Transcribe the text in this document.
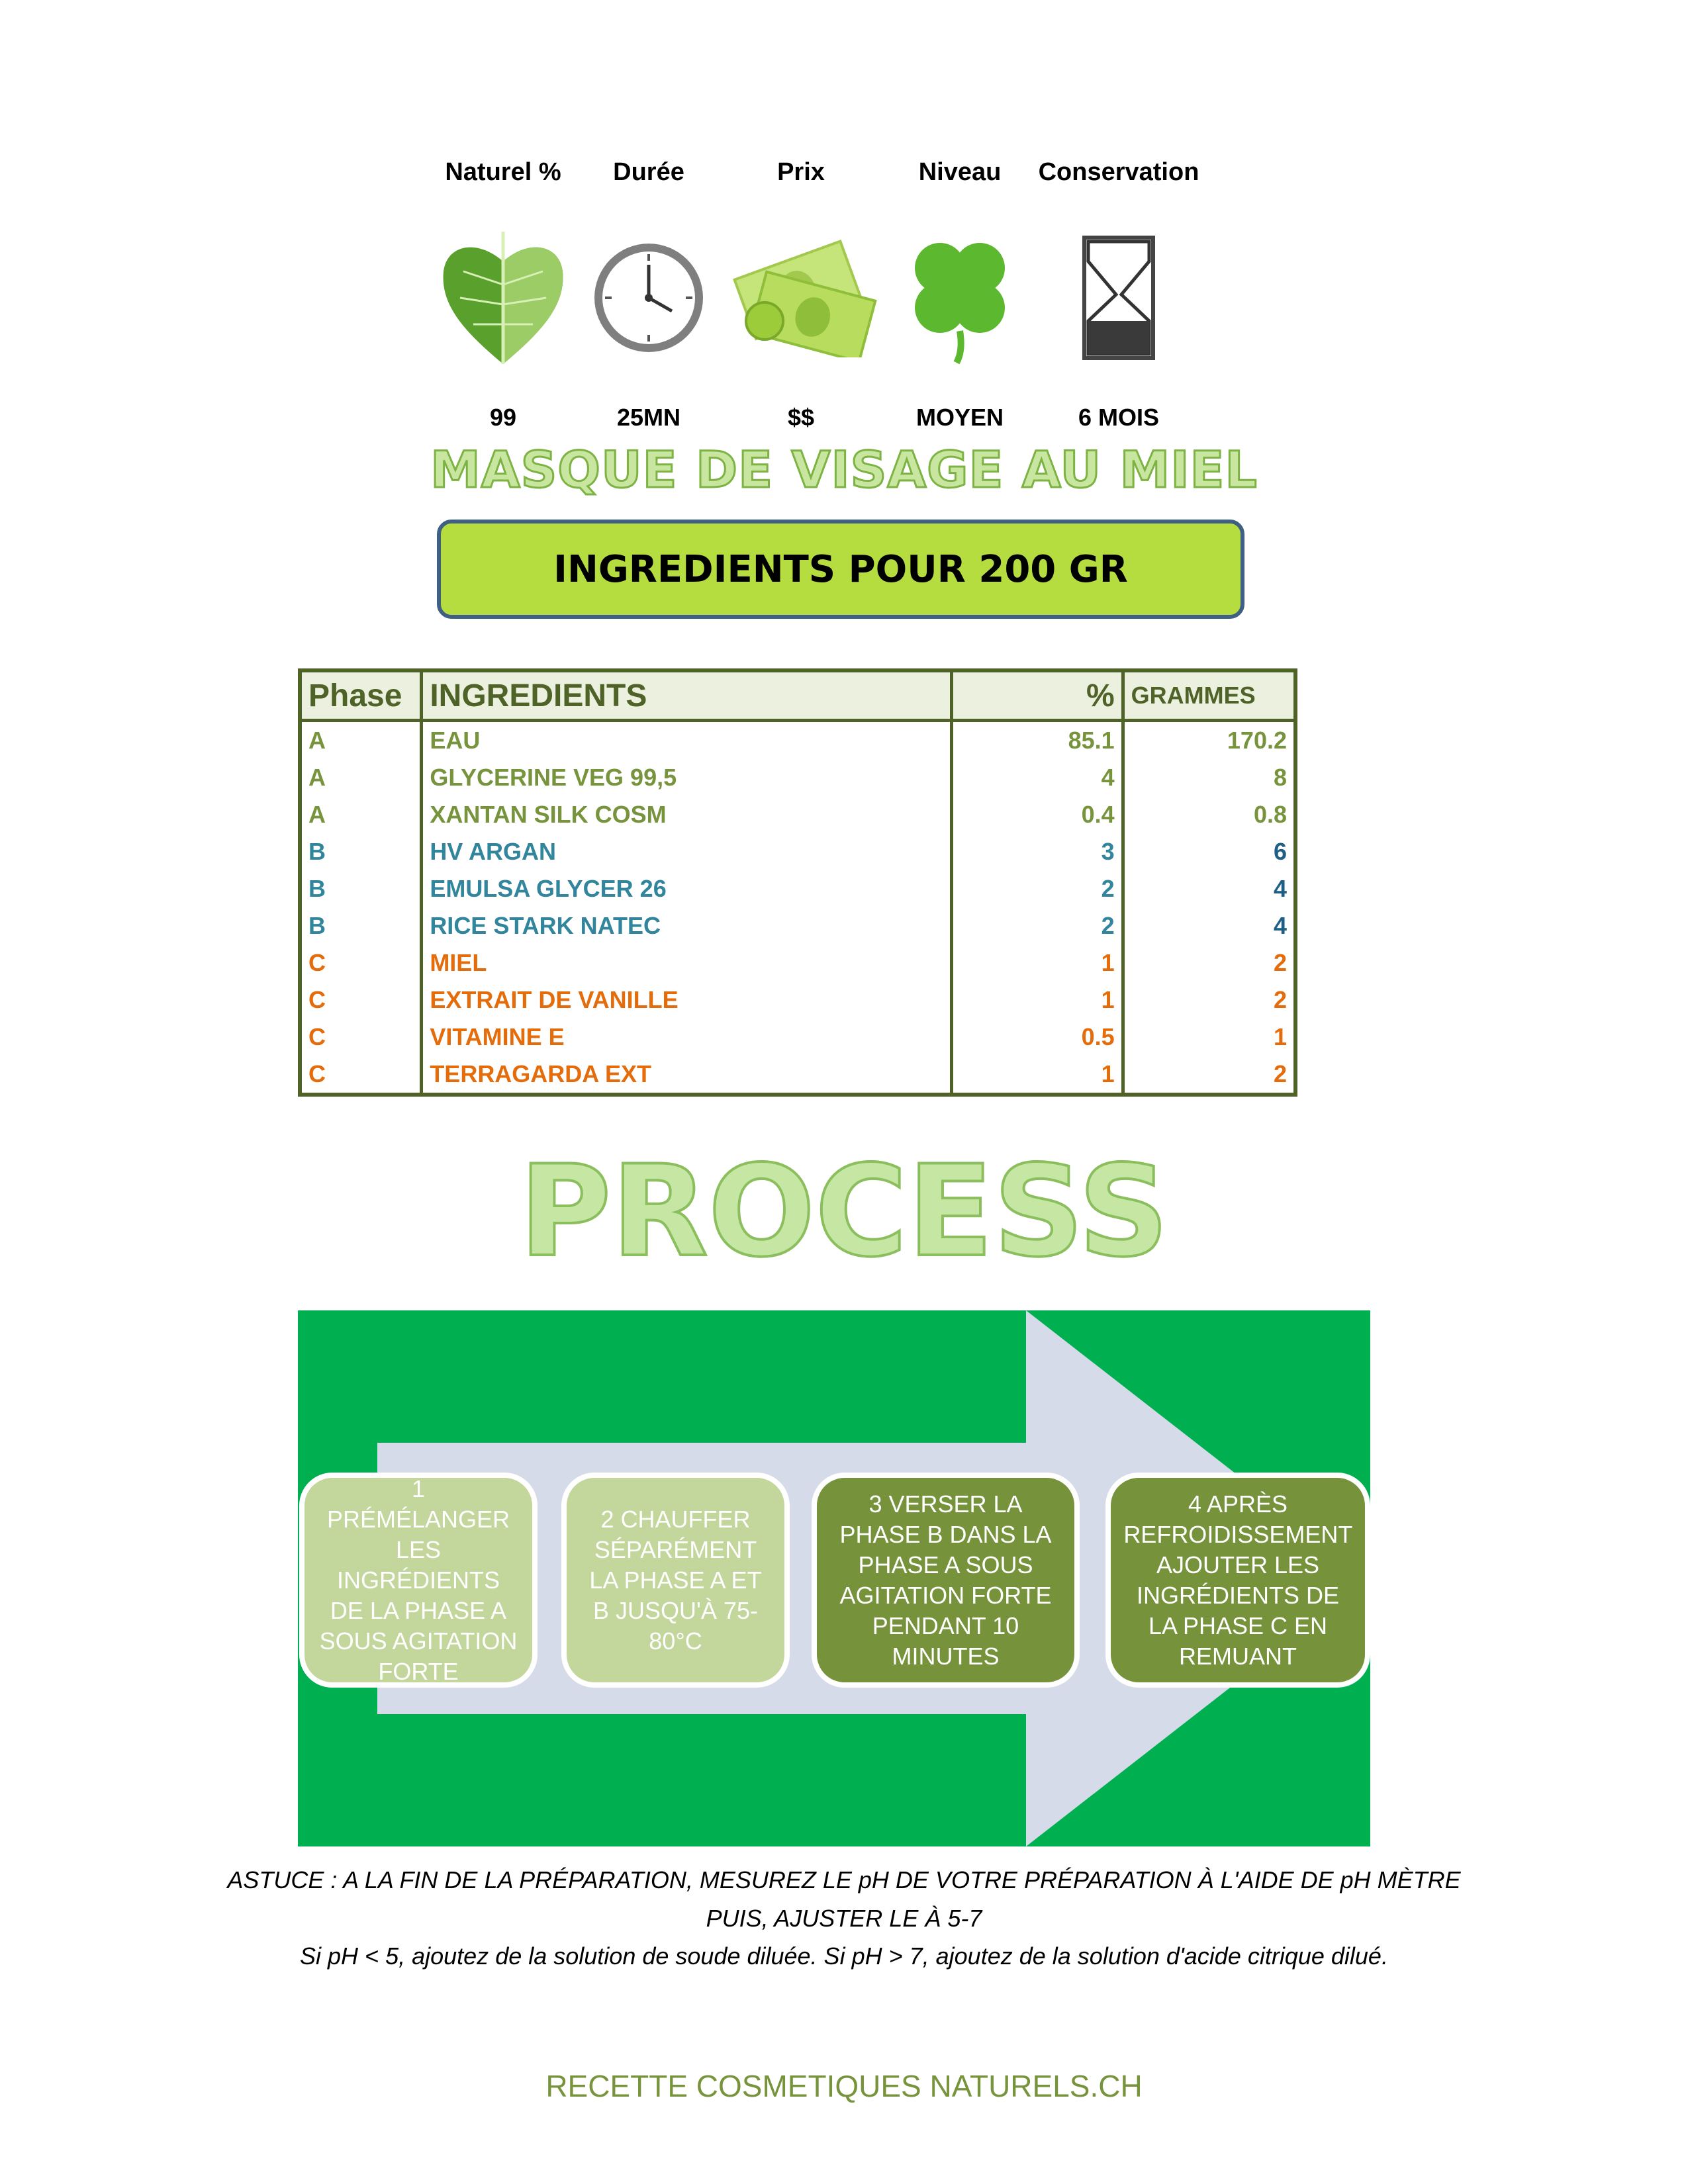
Naturel %
99
Durée
25MN
Prix
$$
Niveau
MOYEN
Conservation
6 MOIS
MASQUE DE VISAGE AU MIEL
INGREDIENTS POUR 200 GR
Phase	INGREDIENTS	%	GRAMMES
A	EAU	85.1	170.2
A	GLYCERINE VEG 99,5	4	8
A	XANTAN SILK COSM	0.4	0.8
B	HV ARGAN	3	6
B	EMULSA GLYCER 26	2	4
B	RICE STARK NATEC	2	4
C	MIEL	1	2
C	EXTRAIT DE VANILLE	1	2
C	VITAMINE E	0.5	1
C	TERRAGARDA EXT	1	2
PROCESS
1 PRÉMÉLANGER LES INGRÉDIENTS DE LA PHASE A SOUS AGITATION FORTE
2 CHAUFFER SÉPARÉMENT LA PHASE A ET B JUSQU'À 75-80°C
3 VERSER LA PHASE B DANS LA PHASE A SOUS AGITATION FORTE PENDANT 10 MINUTES
4 APRÈS REFROIDISSEMENT AJOUTER LES INGRÉDIENTS DE LA PHASE C EN REMUANT
ASTUCE : A LA FIN DE LA PRÉPARATION, MESUREZ LE pH DE VOTRE PRÉPARATION À L'AIDE DE pH MÈTRE
PUIS, AJUSTER LE À 5-7
Si pH < 5, ajoutez de la solution de soude diluée. Si pH > 7, ajoutez de la solution d'acide citrique dilué.
RECETTE COSMETIQUES NATURELS.CH
